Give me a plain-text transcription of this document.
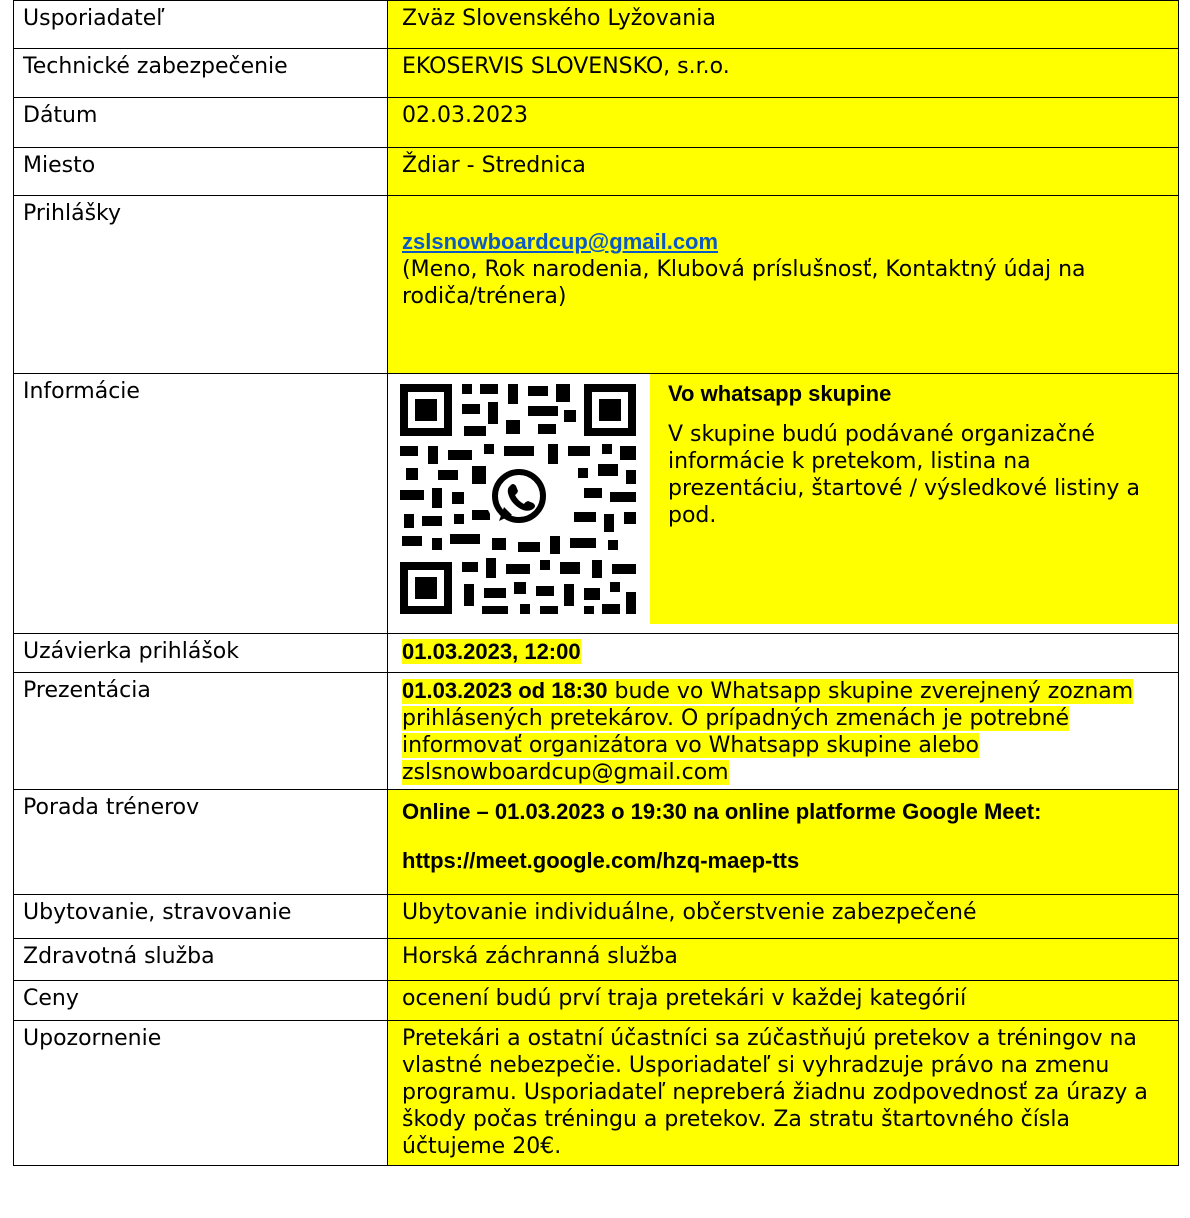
Usporiadateľ	Zväz Slovenského Lyžovania
Technické zabezpečenie	EKOSERVIS SLOVENSKO, s.r.o.
Dátum	02.03.2023
Miesto	Ždiar - Strednica
Prihlášky	zslsnowboardcup@gmail.com
(Meno, Rok narodenia, Klubová príslušnosť, Kontaktný údaj na rodiča/trénera)

Informácie	Vo whatsapp skupine
V skupine budú podávané organizačné informácie k pretekom, listina na prezentáciu, štartové / výsledkové listiny a pod.

Uzávierka prihlášok	01.03.2023, 12:00
Prezentácia	01.03.2023 od 18:30 bude vo Whatsapp skupine zverejnený zoznam prihlásených pretekárov. O prípadných zmenách je potrebné informovať organizátora vo Whatsapp skupine alebo zslsnowboardcup@gmail.com
Porada trénerov	Online – 01.03.2023 o 19:30 na online platforme Google Meet:
https://meet.google.com/hzq-maep-tts

Ubytovanie, stravovanie	Ubytovanie individuálne, občerstvenie zabezpečené
Zdravotná služba	Horská záchranná služba
Ceny	ocenení budú prví traja pretekári v každej kategórií
Upozornenie	Pretekári a ostatní účastníci sa zúčastňujú pretekov a tréningov na vlastné nebezpečie. Usporiadateľ si vyhradzuje právo na zmenu programu. Usporiadateľ nepreberá žiadnu zodpovednosť za úrazy a škody počas tréningu a pretekov. Za stratu štartovného čísla účtujeme 20€.
